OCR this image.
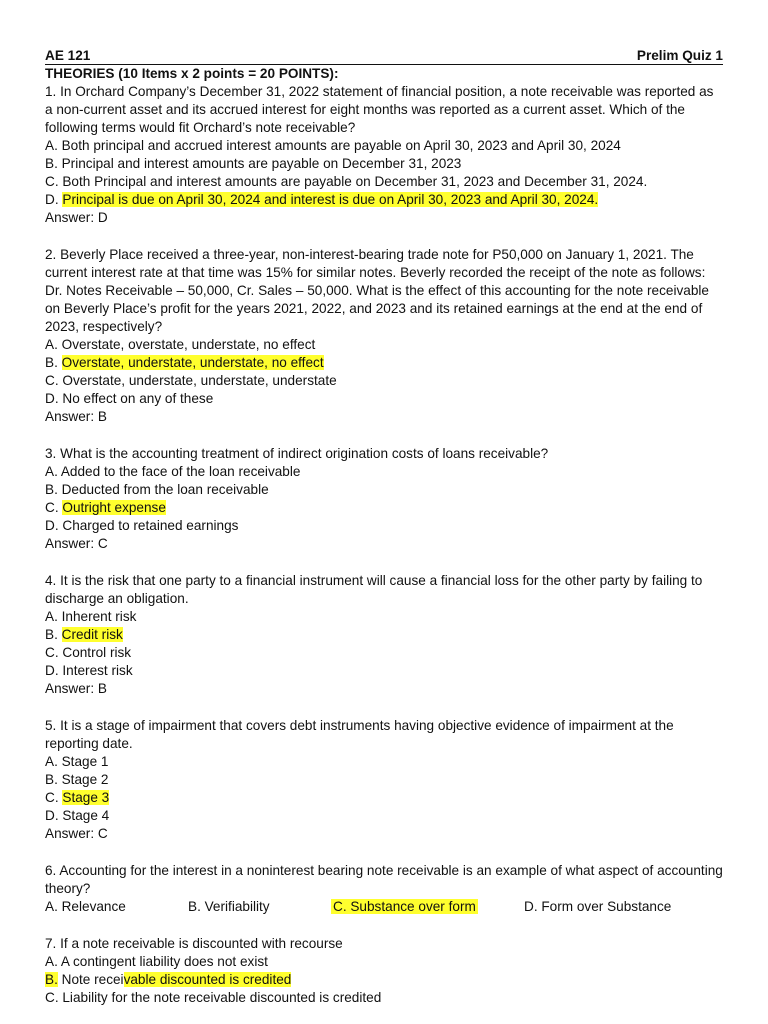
AE 121	Prelim Quiz 1
THEORIES (10 Items x 2 points = 20 POINTS):
1. In Orchard Company’s December 31, 2022 statement of financial position, a note receivable was reported as a non-current asset and its accrued interest for eight months was reported as a current asset. Which of the following terms would fit Orchard’s note receivable?
A. Both principal and accrued interest amounts are payable on April 30, 2023 and April 30, 2024
B. Principal and interest amounts are payable on December 31, 2023
C. Both Principal and interest amounts are payable on December 31, 2023 and December 31, 2024.
D. Principal is due on April 30, 2024 and interest is due on April 30, 2023 and April 30, 2024.
Answer: D
2. Beverly Place received a three-year, non-interest-bearing trade note for P50,000 on January 1, 2021. The current interest rate at that time was 15% for similar notes. Beverly recorded the receipt of the note as follows: Dr. Notes Receivable – 50,000, Cr. Sales – 50,000. What is the effect of this accounting for the note receivable on Beverly Place’s profit for the years 2021, 2022, and 2023 and its retained earnings at the end at the end of 2023, respectively?
A. Overstate, overstate, understate, no effect
B. Overstate, understate, understate, no effect
C. Overstate, understate, understate, understate
D. No effect on any of these
Answer: B
3. What is the accounting treatment of indirect origination costs of loans receivable?
A. Added to the face of the loan receivable
B. Deducted from the loan receivable
C. Outright expense
D. Charged to retained earnings
Answer: C
4. It is the risk that one party to a financial instrument will cause a financial loss for the other party by failing to discharge an obligation.
A. Inherent risk
B. Credit risk
C. Control risk
D. Interest risk
Answer: B
5. It is a stage of impairment that covers debt instruments having objective evidence of impairment at the reporting date.
A. Stage 1
B. Stage 2
C. Stage 3
D. Stage 4
Answer: C
6. Accounting for the interest in a noninterest bearing note receivable is an example of what aspect of accounting theory?
A. Relevance	B. Verifiability	C. Substance over form	D. Form over Substance
7. If a note receivable is discounted with recourse
A. A contingent liability does not exist
B. Note receivable discounted is credited
C. Liability for the note receivable discounted is credited
